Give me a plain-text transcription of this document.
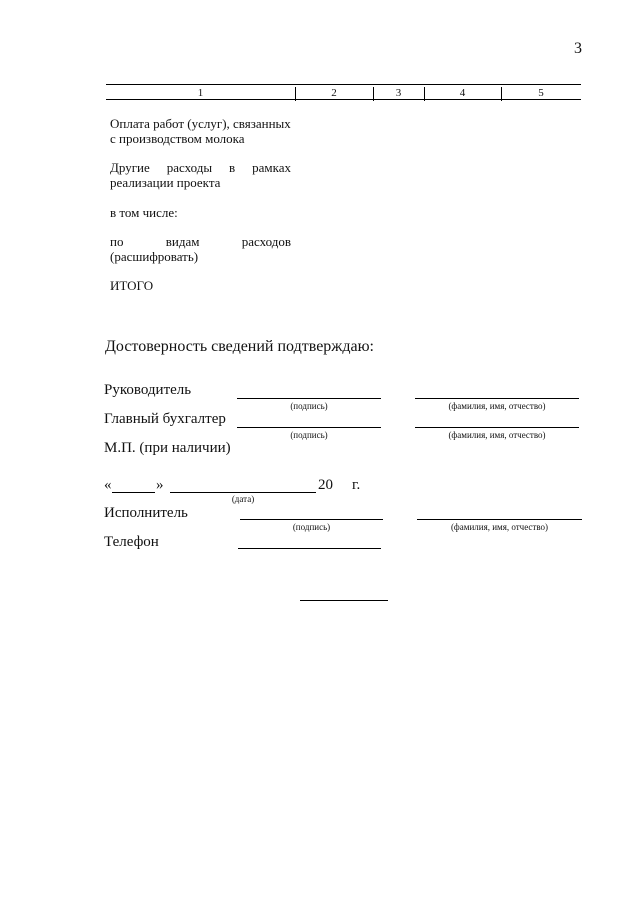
3
1	2	3	4	5
Оплата работ (услуг), связанных
с производством молока
Другие расходы в рамках
реализации проекта
в том числе:
по видам расходов
(расшифровать)
ИТОГО
Достоверность сведений подтверждаю:
Руководитель
(подпись)	(фамилия, имя, отчество)
Главный бухгалтер
(подпись)	(фамилия, имя, отчество)
М.П. (при наличии)
«	»	20 г.
(дата)
Исполнитель
(подпись)	(фамилия, имя, отчество)
Телефон
